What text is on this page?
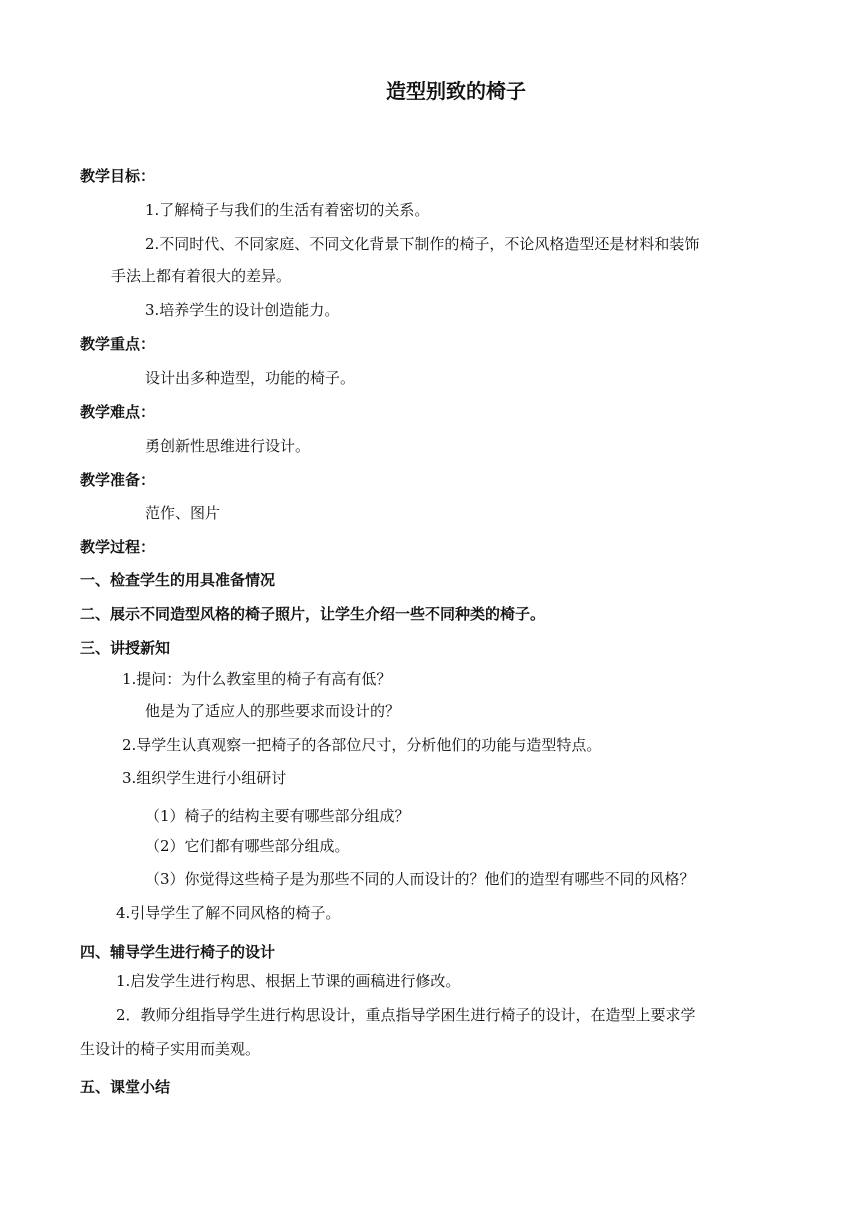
造型别致的椅子
教学目标：
1.了解椅子与我们的生活有着密切的关系。
2.不同时代、不同家庭、不同文化背景下制作的椅子，不论风格造型还是材料和装饰
手法上都有着很大的差异。
3.培养学生的设计创造能力。
教学重点：
设计出多种造型，功能的椅子。
教学难点：
勇创新性思维进行设计。
教学准备：
范作、图片
教学过程：
一、检查学生的用具准备情况
二、展示不同造型风格的椅子照片，让学生介绍一些不同种类的椅子。
三、讲授新知
1.提问：为什么教室里的椅子有高有低？
他是为了适应人的那些要求而设计的？
2.导学生认真观察一把椅子的各部位尺寸，分析他们的功能与造型特点。
3.组织学生进行小组研讨
（1）椅子的结构主要有哪些部分组成？
（2）它们都有哪些部分组成。
（3）你觉得这些椅子是为那些不同的人而设计的？他们的造型有哪些不同的风格？
4.引导学生了解不同风格的椅子。
四、辅导学生进行椅子的设计
1.启发学生进行构思、根据上节课的画稿进行修改。
2．教师分组指导学生进行构思设计，重点指导学困生进行椅子的设计，在造型上要求学
生设计的椅子实用而美观。
五、课堂小结
